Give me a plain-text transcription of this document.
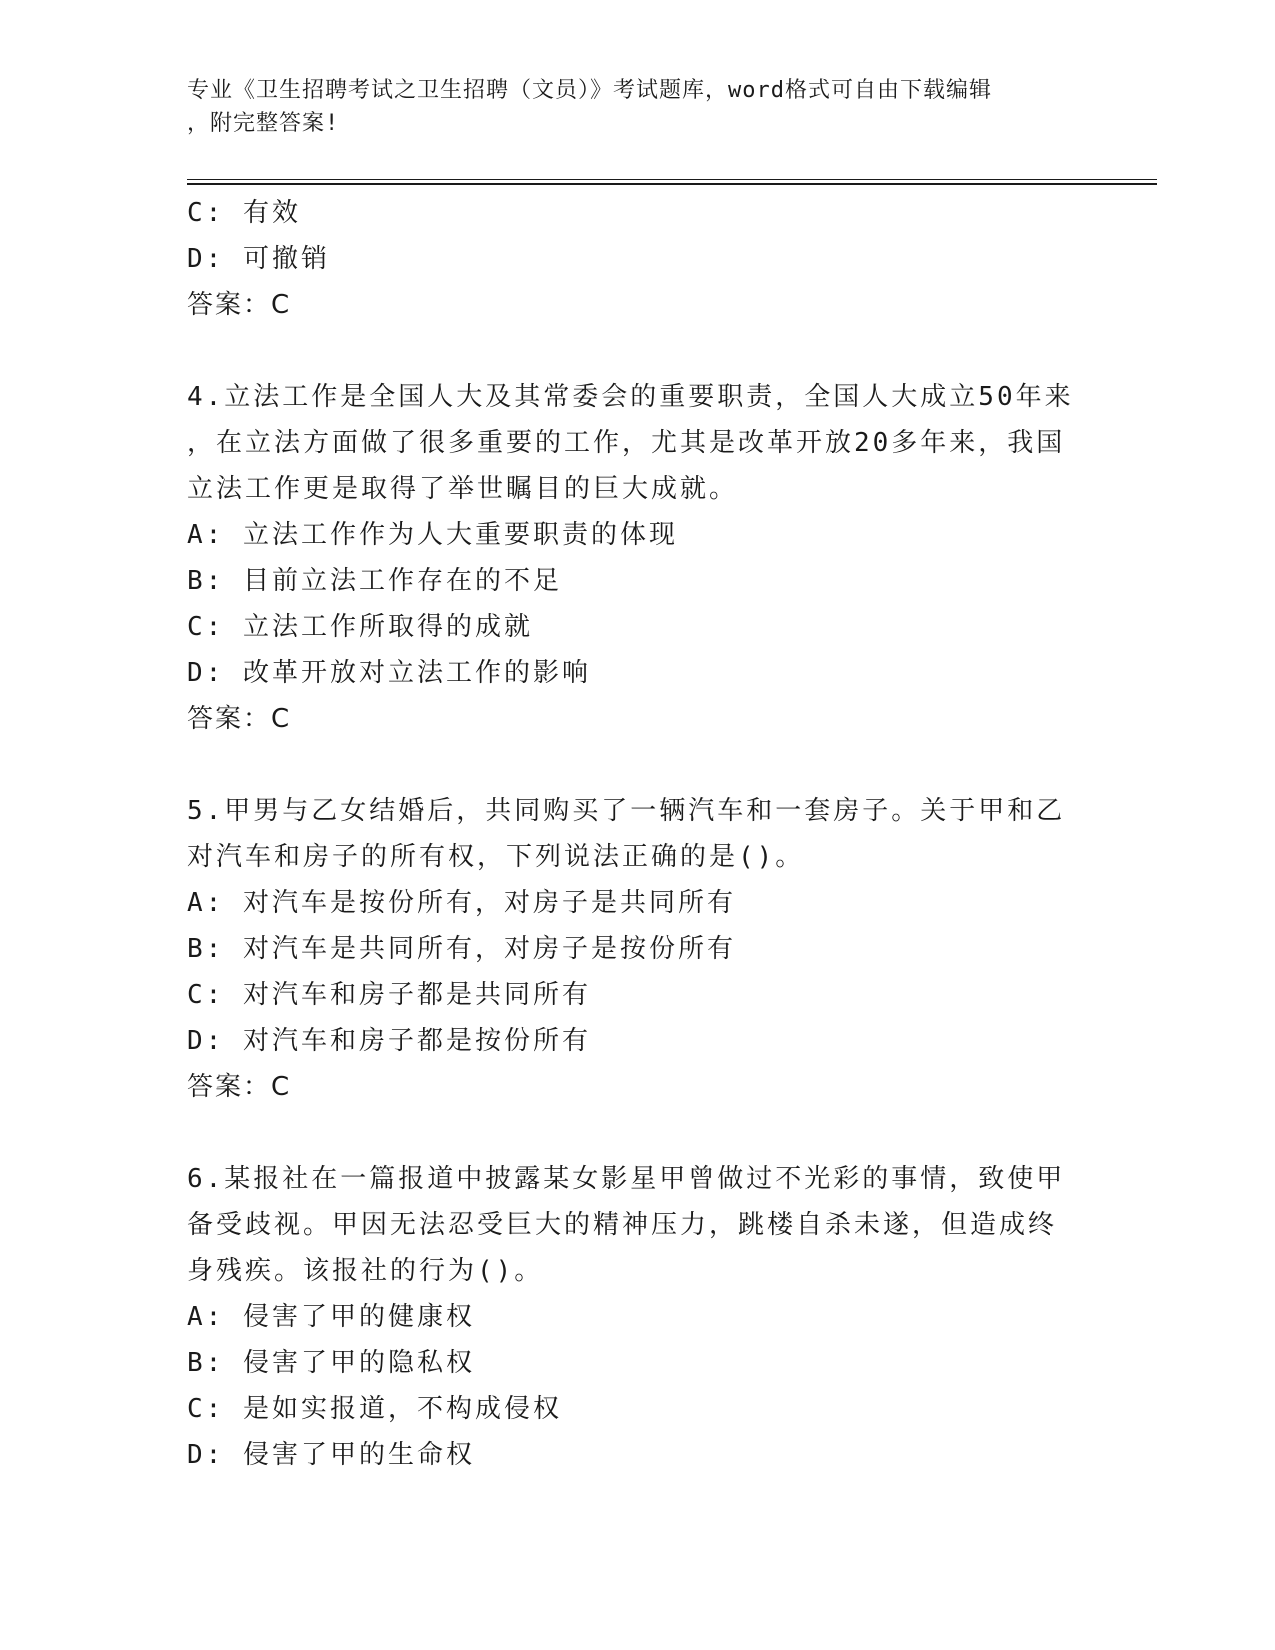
专业《卫生招聘考试之卫生招聘（文员）》考试题库，word格式可自由下载编辑
，附完整答案!
C: 有效
D: 可撤销
答案：C
4.立法工作是全国人大及其常委会的重要职责，全国人大成立50年来
，在立法方面做了很多重要的工作，尤其是改革开放20多年来，我国
立法工作更是取得了举世瞩目的巨大成就。
A: 立法工作作为人大重要职责的体现
B: 目前立法工作存在的不足
C: 立法工作所取得的成就
D: 改革开放对立法工作的影响
答案：C
5.甲男与乙女结婚后，共同购买了一辆汽车和一套房子。关于甲和乙
对汽车和房子的所有权，下列说法正确的是()。
A: 对汽车是按份所有，对房子是共同所有
B: 对汽车是共同所有，对房子是按份所有
C: 对汽车和房子都是共同所有
D: 对汽车和房子都是按份所有
答案：C
6.某报社在一篇报道中披露某女影星甲曾做过不光彩的事情，致使甲
备受歧视。甲因无法忍受巨大的精神压力，跳楼自杀未遂，但造成终
身残疾。该报社的行为()。
A: 侵害了甲的健康权
B: 侵害了甲的隐私权
C: 是如实报道，不构成侵权
D: 侵害了甲的生命权
